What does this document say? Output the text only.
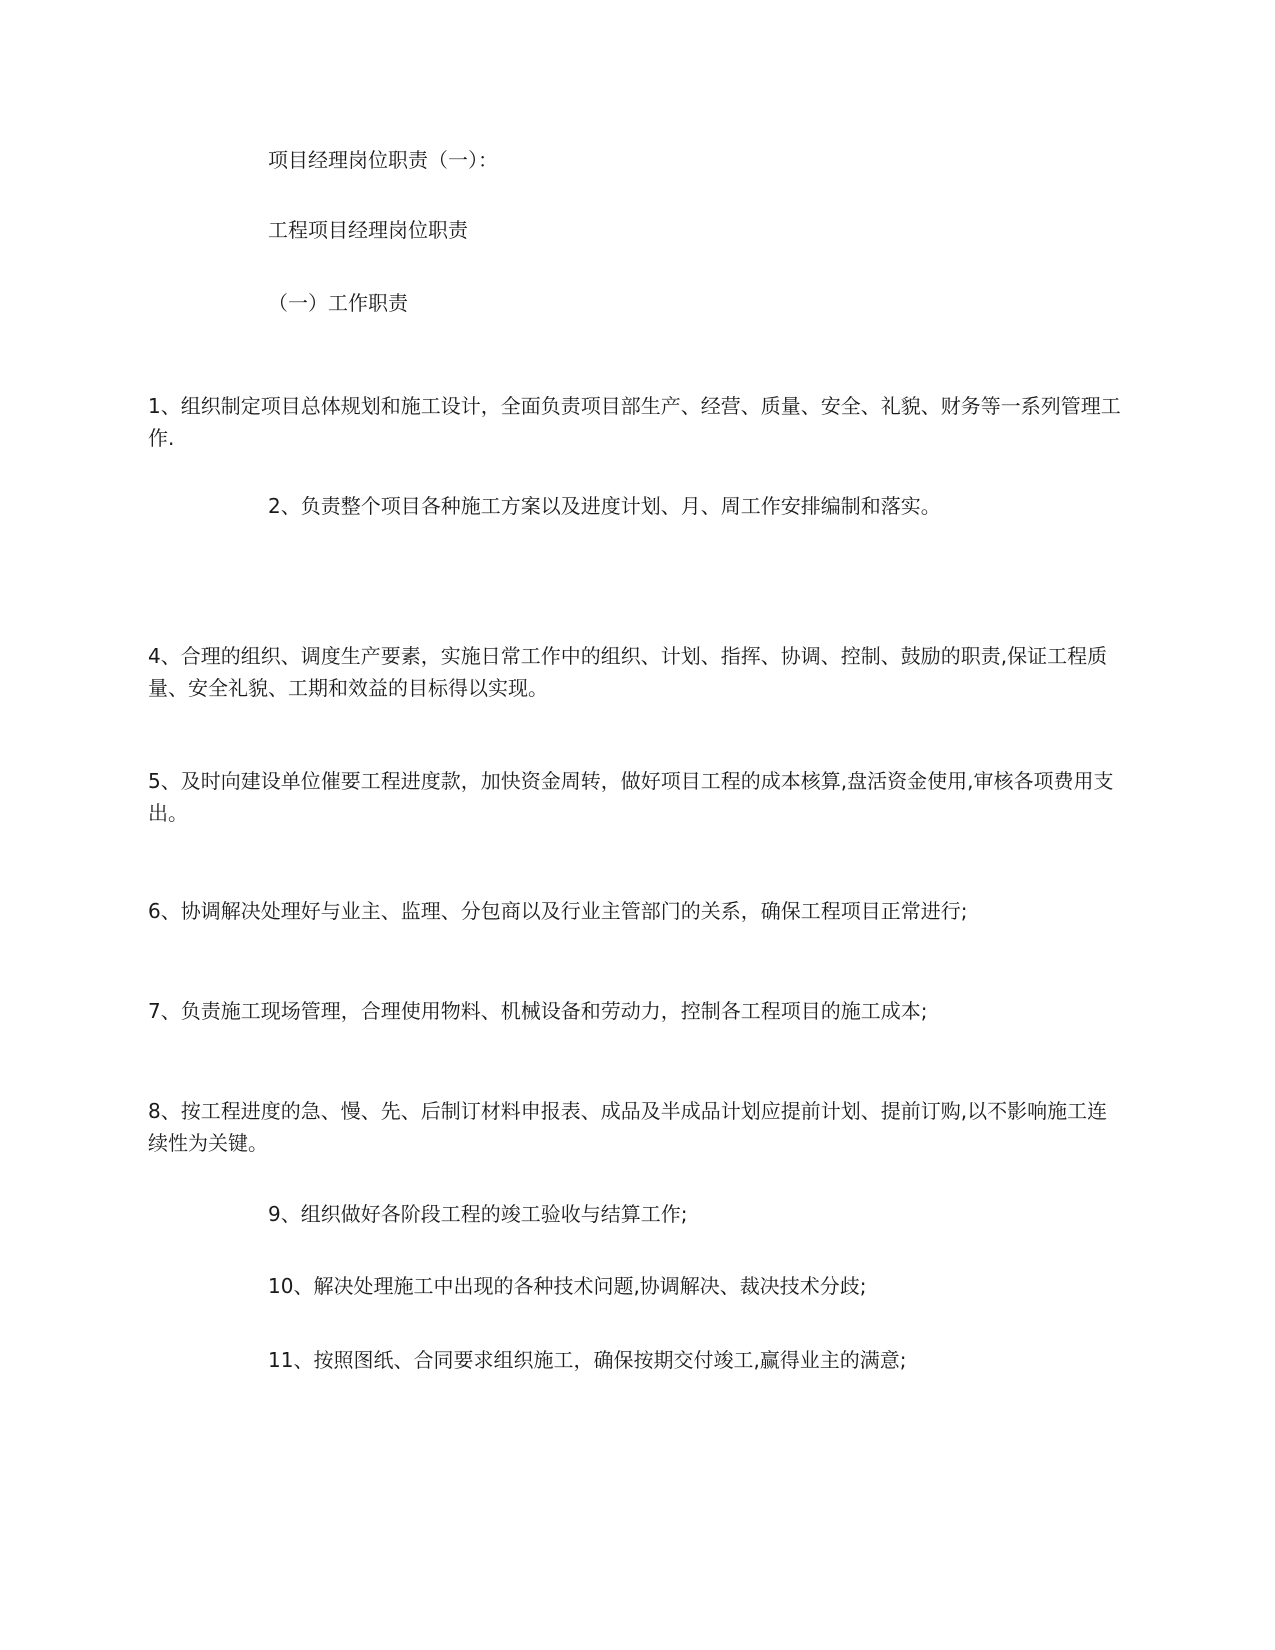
项目经理岗位职责（一）：

工程项目经理岗位职责

（一）工作职责

1、组织制定项目总体规划和施工设计，全面负责项目部生产、经营、质量、安全、礼貌、财务等一系列管理工作.

2、负责整个项目各种施工方案以及进度计划、月、周工作安排编制和落实。

4、合理的组织、调度生产要素，实施日常工作中的组织、计划、指挥、协调、控制、鼓励的职责,保证工程质量、安全礼貌、工期和效益的目标得以实现。

5、及时向建设单位催要工程进度款，加快资金周转，做好项目工程的成本核算,盘活资金使用,审核各项费用支出。

6、协调解决处理好与业主、监理、分包商以及行业主管部门的关系，确保工程项目正常进行;

7、负责施工现场管理，合理使用物料、机械设备和劳动力，控制各工程项目的施工成本;

8、按工程进度的急、慢、先、后制订材料申报表、成品及半成品计划应提前计划、提前订购,以不影响施工连续性为关键。

9、组织做好各阶段工程的竣工验收与结算工作;

10、解决处理施工中出现的各种技术问题,协调解决、裁决技术分歧;

11、按照图纸、合同要求组织施工，确保按期交付竣工,赢得业主的满意;
